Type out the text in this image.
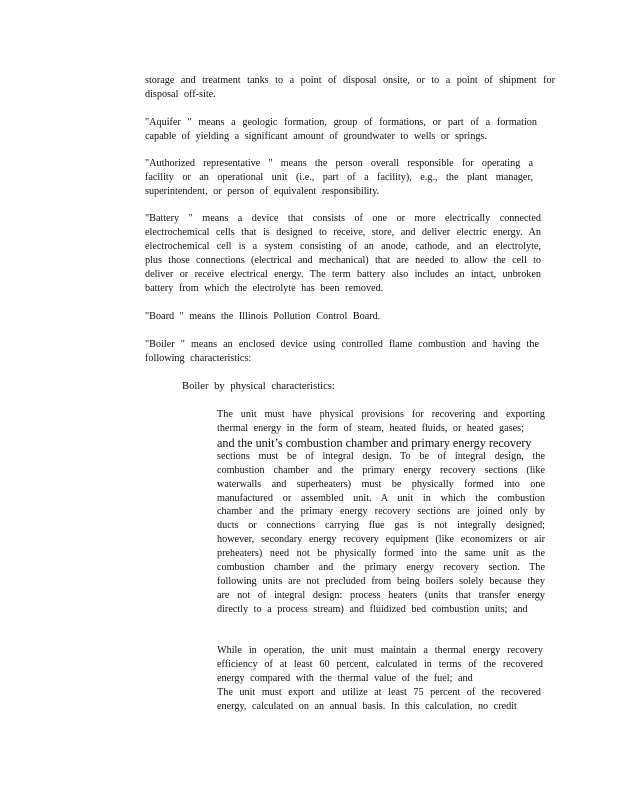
storage and treatment tanks to a point of disposal onsite, or to a point of shipment for disposal off-site.

"Aquifer " means a geologic formation, group of formations, or part of a formation capable of yielding a significant amount of groundwater to wells or springs.

"Authorized representative " means the person overall responsible for operating a facility or an operational unit (i.e., part of a facility), e.g., the plant manager, superintendent, or person of equivalent responsibility.

"Battery " means a device that consists of one or more electrically connected electrochemical cells that is designed to receive, store, and deliver electric energy. An electrochemical cell is a system consisting of an anode, cathode, and an electrolyte, plus those connections (electrical and mechanical) that are needed to allow the cell to deliver or receive electrical energy. The term battery also includes an intact, unbroken battery from which the electrolyte has been removed.

"Board " means the Illinois Pollution Control Board.

"Boiler " means an enclosed device using controlled flame combustion and having the following characteristics:

Boiler by physical characteristics:

The unit must have physical provisions for recovering and exporting thermal energy in the form of steam, heated fluids, or heated gases;
and the unit’s combustion chamber and primary energy recovery
sections must be of integral design. To be of integral design, the combustion chamber and the primary energy recovery sections (like waterwalls and superheaters) must be physically formed into one manufactured or assembled unit. A unit in which the combustion chamber and the primary energy recovery sections are joined only by ducts or connections carrying flue gas is not integrally designed; however, secondary energy recovery equipment (like economizers or air preheaters) need not be physically formed into the same unit as the combustion chamber and the primary energy recovery section. The following units are not precluded from being boilers solely because they are not of integral design: process heaters (units that transfer energy directly to a process stream) and fluidized bed combustion units; and

While in operation, the unit must maintain a thermal energy recovery efficiency of at least 60 percent, calculated in terms of the recovered energy compared with the thermal value of the fuel; and

The unit must export and utilize at least 75 percent of the recovered energy, calculated on an annual basis. In this calculation, no credit
